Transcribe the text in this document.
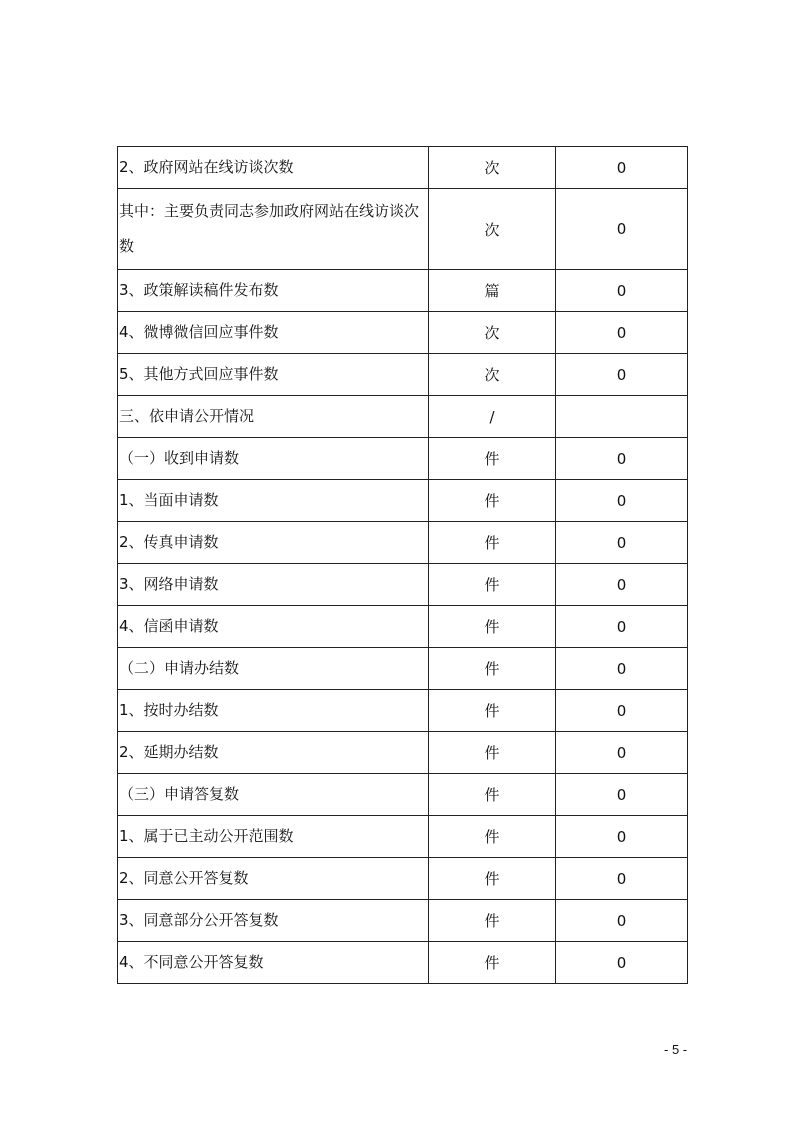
2、政府网站在线访谈次数	次	0
其中：主要负责同志参加政府网站在线访谈次数	次	0
3、政策解读稿件发布数	篇	0
4、微博微信回应事件数	次	0
5、其他方式回应事件数	次	0
三、依申请公开情况	/	
（一）收到申请数	件	0
1、当面申请数	件	0
2、传真申请数	件	0
3、网络申请数	件	0
4、信函申请数	件	0
（二）申请办结数	件	0
1、按时办结数	件	0
2、延期办结数	件	0
（三）申请答复数	件	0
1、属于已主动公开范围数	件	0
2、同意公开答复数	件	0
3、同意部分公开答复数	件	0
4、不同意公开答复数	件	0
- 5 -
